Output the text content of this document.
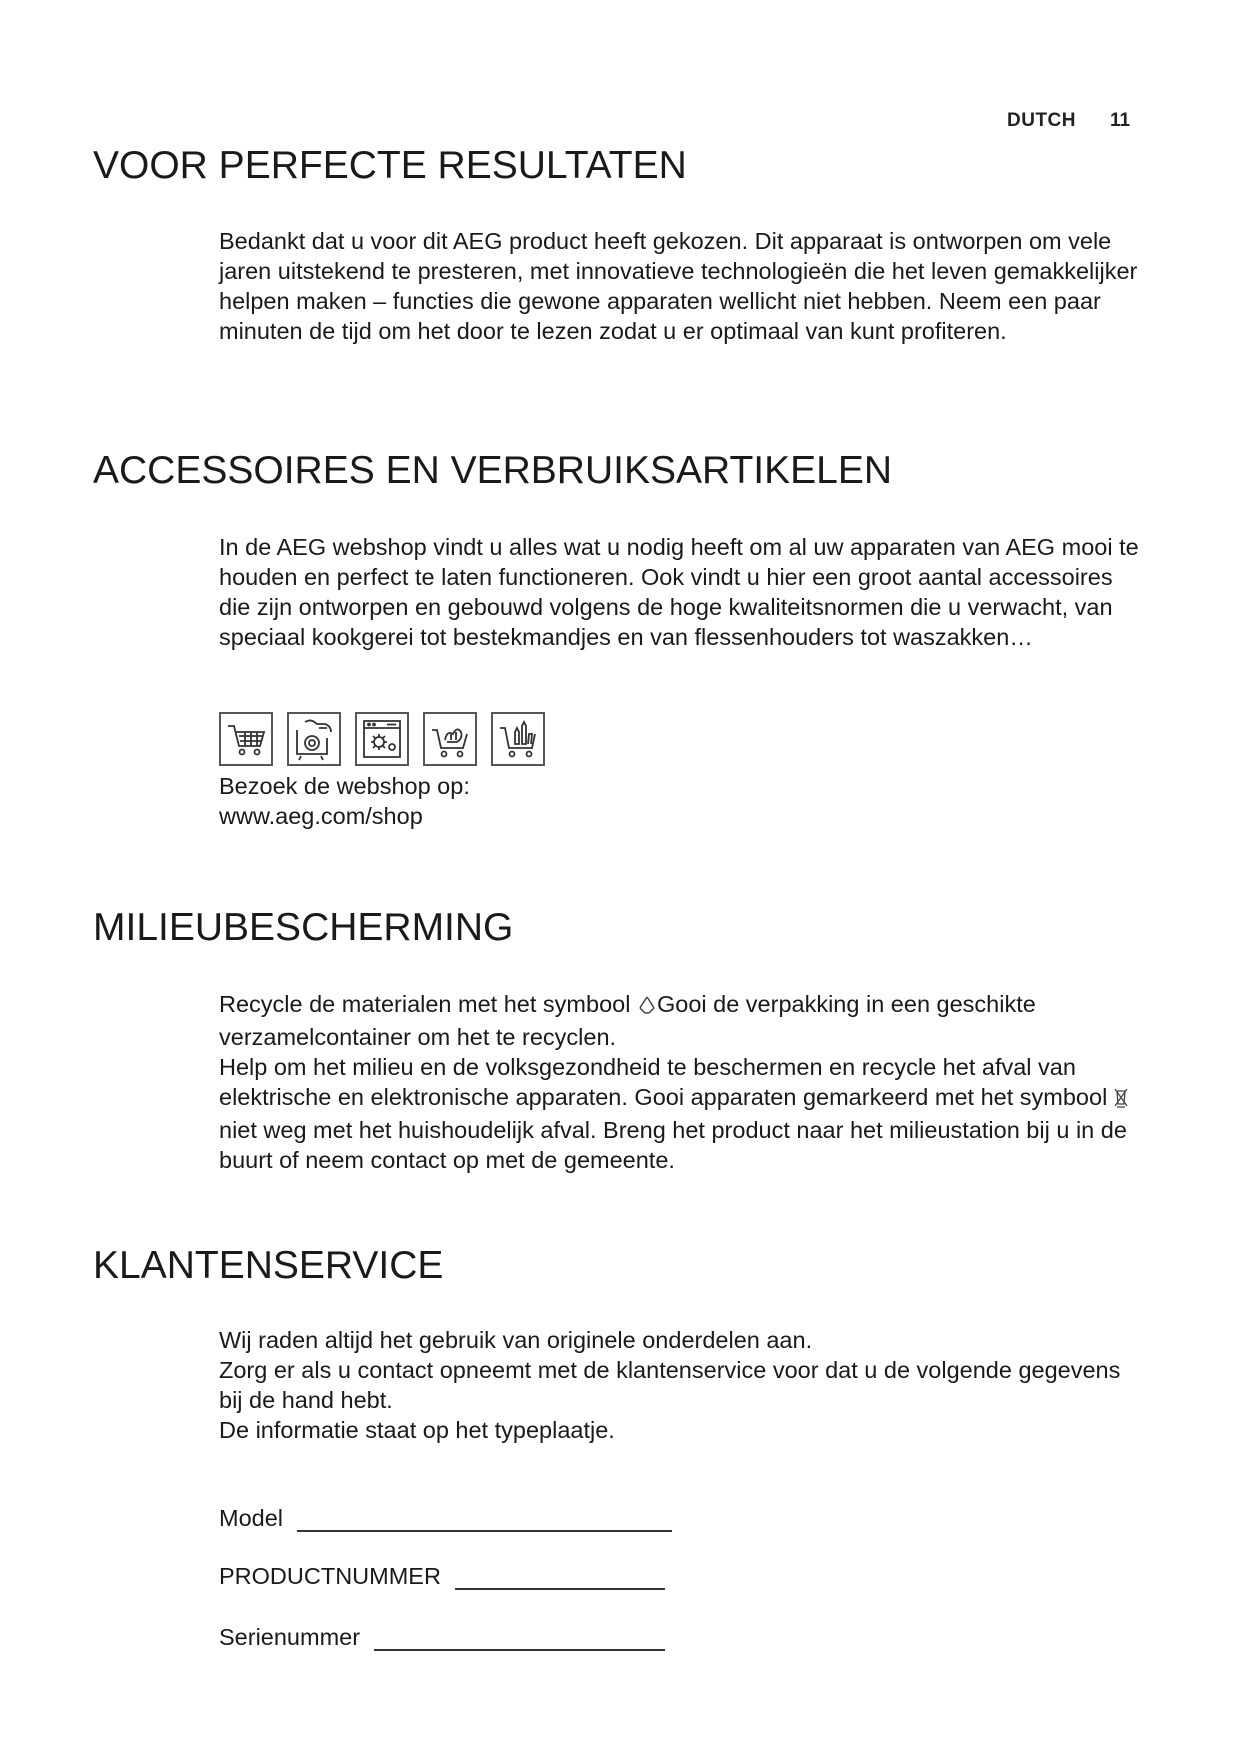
DUTCH 11
VOOR PERFECTE RESULTATEN

Bedankt dat u voor dit AEG product heeft gekozen. Dit apparaat is ontworpen om vele jaren uitstekend te presteren, met innovatieve technologieën die het leven gemakkelijker helpen maken – functies die gewone apparaten wellicht niet hebben. Neem een paar minuten de tijd om het door te lezen zodat u er optimaal van kunt profiteren.

ACCESSOIRES EN VERBRUIKSARTIKELEN

In de AEG webshop vindt u alles wat u nodig heeft om al uw apparaten van AEG mooi te houden en perfect te laten functioneren. Ook vindt u hier een groot aantal accessoires die zijn ontworpen en gebouwd volgens de hoge kwaliteitsnormen die u verwacht, van speciaal kookgerei tot bestekmandjes en van flessenhouders tot waszakken…

Bezoek de webshop op:

www.aeg.com/shop

MILIEUBESCHERMING

Recycle de materialen met het symbool Gooi de verpakking in een geschikte verzamelcontainer om het te recyclen.

Help om het milieu en de volksgezondheid te beschermen en recycle het afval van elektrische en elektronische apparaten. Gooi apparaten gemarkeerd met het symbool niet weg met het huishoudelijk afval. Breng het product naar het milieustation bij u in de buurt of neem contact op met de gemeente.

KLANTENSERVICE

Wij raden altijd het gebruik van originele onderdelen aan.

Zorg er als u contact opneemt met de klantenservice voor dat u de volgende gegevens bij de hand hebt.

De informatie staat op het typeplaatje.

Model
PRODUCTNUMMER
Serienummer
